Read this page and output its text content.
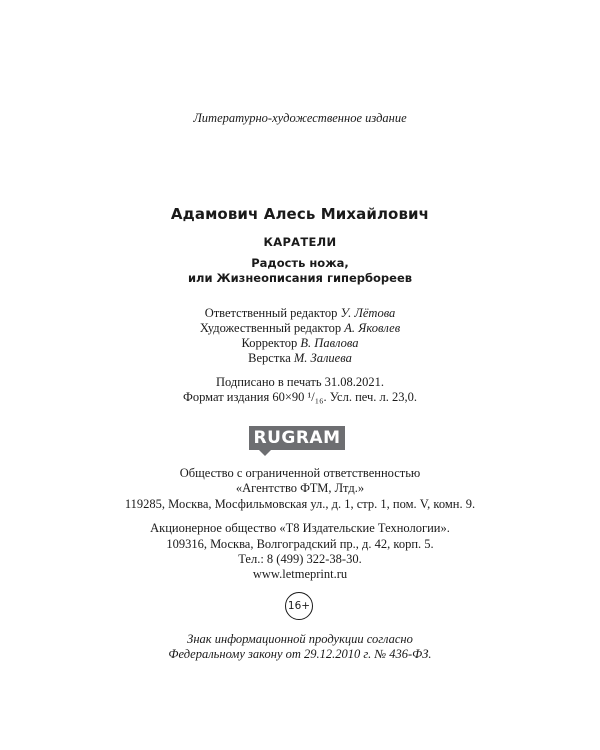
Литературно-художественное издание
Адамович Алесь Михайлович
КАРАТЕЛИ
Радость ножа,
или Жизнеописания гипербореев
Ответственный редактор У. Лётова
Художественный редактор А. Яковлев
Корректор В. Павлова
Верстка М. Залиева
Подписано в печать 31.08.2021.
Формат издания 60×90 ¹/₁₆. Усл. печ. л. 23,0.
RUGRAM
Общество с ограниченной ответственностью
«Агентство ФТМ, Лтд.»
119285, Москва, Мосфильмовская ул., д. 1, стр. 1, пом. V, комн. 9.
Акционерное общество «Т8 Издательские Технологии».
109316, Москва, Волгоградский пр., д. 42, корп. 5.
Тел.: 8 (499) 322-38-30.
www.letmeprint.ru
16+
Знак информационной продукции согласно
Федеральному закону от 29.12.2010 г. № 436-ФЗ.
